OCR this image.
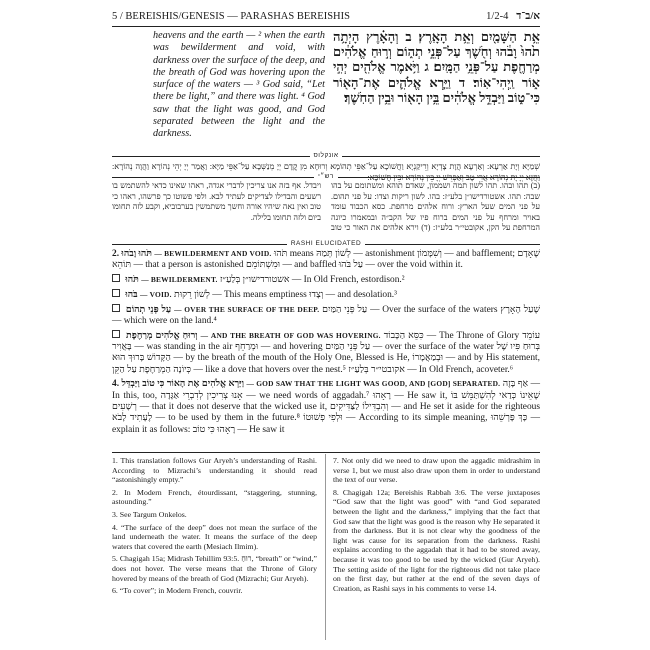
5 / BEREISHIS/GENESIS — PARASHAS BEREISHIS	1/2-4 א/ב־ד
heavens and the earth — ² when the earth was bewilderment and void, with darkness over the surface of the deep, and the breath of God was hovering upon the surface of the waters — ³ God said, “Let there be light,” and there was light. ⁴ God saw that the light was good, and God separated between the light and the darkness.
אֵ֥ת הַשָּׁמַ֖יִם וְאֵ֥ת הָאָֽרֶץ׃ ב וְהָאָ֗רֶץ הָיְתָ֥ה תֹ֙הוּ֙ וָבֹ֔הוּ וְחֹ֖שֶׁךְ עַל־פְּנֵ֣י תְה֑וֹם וְר֣וּחַ אֱלֹהִ֔ים מְרַחֶ֖פֶת עַל־פְּנֵ֥י הַמָּֽיִם׃ ג וַיֹּ֥אמֶר אֱלֹהִ֖ים יְהִ֣י א֑וֹר וַֽיְהִי־אֽוֹר׃ ד וַיַּ֧רְא אֱלֹהִ֛ים אֶת־הָא֖וֹר כִּי־ט֑וֹב וַיַּבְדֵּ֣ל אֱלֹהִ֔ים בֵּ֥ין הָא֖וֹר וּבֵ֥ין הַחֹֽשֶׁךְ׃
אונקלוס
שְׁמַיָּא וְיָת אַרְעָא: וְאַרְעָא הֲוָת צָדְיָא וְרֵיקַנְיָא וַחֲשׁוֹכָא עַל־אַפֵּי תְהוֹמָא וְרוּחָא מִן קֳדָם יְיָ מְנַשְּׁבָא עַל־אַפֵּי מַיָּא: וַאֲמַר יְיָ יְהֵי נְהוֹרָא וַהֲוָה נְהוֹרָא: וַחֲזָא יְיָ יָת נְהוֹרָא אֲרֵי טָב וְאַפְרֵשׁ יְיָ בֵּין נְהוֹרָא וּבֵין חֲשׁוֹכָא:
רש״י
(ב) תהו ובהו. תהו לשון תמה ושממון, שאדם תוהא ומשתומם על בהו שבה: תהו. אשטורדישו״ן בלע״ז: בהו. לשון ריקות וצדו: על פני תהום. על פני המים שעל הארץ: ורוח אלהים מרחפת. כסא הכבוד עומד באויר ומרחף על פני המים ברוח פיו של הקב״ה ובמאמרו כיונה המרחפת על הקן, אקובטי״ר בלע״ז: (ד) וירא אלהים את האור כי טוב ויבדל. אף בזה אנו צריכין לדברי אגדה, ראהו שאינו כדאי להשתמש בו רשעים והבדילו לצדיקים לעתיד לבא. ולפי פשוטו כך פרשהו, ראהו כי טוב ואין נאה שיהיו אורה וחשך משתמשין בערבוביא, וקבע לזה תחומו ביום ולזה תחומו בלילה.
RASHI ELUCIDATED

2. תֹּהוּ וָבֹהוּ — BEWILDERMENT AND VOID. תֹּהוּ means לְשׁוֹן תְּמַהּ — astonishment וְשִׁמָּמוֹן — and bafflement; שֶׁאָדָם תּוֹהֵא — that a person is astonished וּמִשְׁתּוֹמֵם — and baffled עַל בֹּהוּ — over the void within it.

תֹּהוּ — BEWILDERMENT. אשטורדישו״ן בְּלַעַ״ז — In Old French, estordison.²

בֹּהוּ — VOID. לְשׁוֹן רֵקוּת — This means emptiness וְצָדוּ — and desolation.³

עַל פְּנֵי תְהוֹם — OVER THE SURFACE OF THE DEEP. עַל פְּנֵי הַמַּיִם — Over the surface of the waters שֶׁעַל הָאָרֶץ — which were on the land.⁴

וְרוּחַ אֱלֹהִים מְרַחֶפֶת — AND THE BREATH OF GOD WAS HOVERING. כִּסֵּא הַכָּבוֹד — The Throne of Glory עוֹמֵד בָּאֲוִיר — was standing in the air וּמְרַחֵף — and hovering עַל פְּנֵי הַמַּיִם — over the surface of the water בְּרוּחַ פִּיו שֶׁל הַקָּדוֹשׁ בָּרוּךְ הוּא — by the breath of the mouth of the Holy One, Blessed is He, וּבְמַאֲמָרוֹ — and by His statement, כְּיוֹנָה הַמְרַחֶפֶת עַל הַקֵּן — like a dove that hovers over the nest.⁵ אקובטי״ר בְּלַעַ״ז — In Old French, acoveter.⁶

4. וַיַּרְא אֱלֹהִים אֶת הָאוֹר כִּי טוֹב וַיַּבְדֵּל — GOD SAW THAT THE LIGHT WAS GOOD, AND [GOD] SEPARATED. אַף בָּזֶה — In this, too, אָנוּ צְרִיכִין לְדִבְרֵי אַגָּדָה — we need words of aggadah.⁷ רָאָהוּ — He saw it, שֶׁאֵינוֹ כְּדַאי לְהִשְׁתַּמֵּשׁ בּוֹ רְשָׁעִים — that it does not deserve that the wicked use it, וְהִבְדִּילוֹ לַצַּדִּיקִים — and He set it aside for the righteous לֶעָתִיד לָבֹא — to be used by them in the future.⁸ וּלְפִי פְשׁוּטוֹ — According to its simple meaning, כָּךְ פָּרְשֵׁהוּ — explain it as follows: רָאָהוּ כִּי טוֹב — He saw it

1. This translation follows Gur Aryeh’s understanding of Rashi. According to Mizrachi’s understanding it should read “astonishingly empty.”

2. In Modern French, étourdissant, “staggering, stunning, astounding.”

3. See Targum Onkelos.

4. “The surface of the deep” does not mean the surface of the land underneath the water. It means the surface of the deep waters that covered the earth (Mesiach Ilmim).

5. Chagigah 15a; Midrash Tehillim 93:5. רוּחַ, “breath” or “wind,” does not hover. The verse means that the Throne of Glory hovered by means of the breath of God (Mizrachi; Gur Aryeh).

6. “To cover”; in Modern French, couvrir.

7. Not only did we need to draw upon the aggadic midrashim in verse 1, but we must also draw upon them in order to understand the text of our verse.

8. Chagigah 12a; Bereishis Rabbah 3:6. The verse juxtaposes “God saw that the light was good” with “and God separated between the light and the darkness,” implying that the fact that God saw that the light was good is the reason why He separated it from the darkness. But it is not clear why the goodness of the light was cause for its separation from the darkness. Rashi explains according to the aggadah that it had to be stored away, because it was too good to be used by the wicked (Gur Aryeh). The setting aside of the light for the righteous did not take place on the first day, but rather at the end of the seven days of Creation, as Rashi says in his comments to verse 14.
